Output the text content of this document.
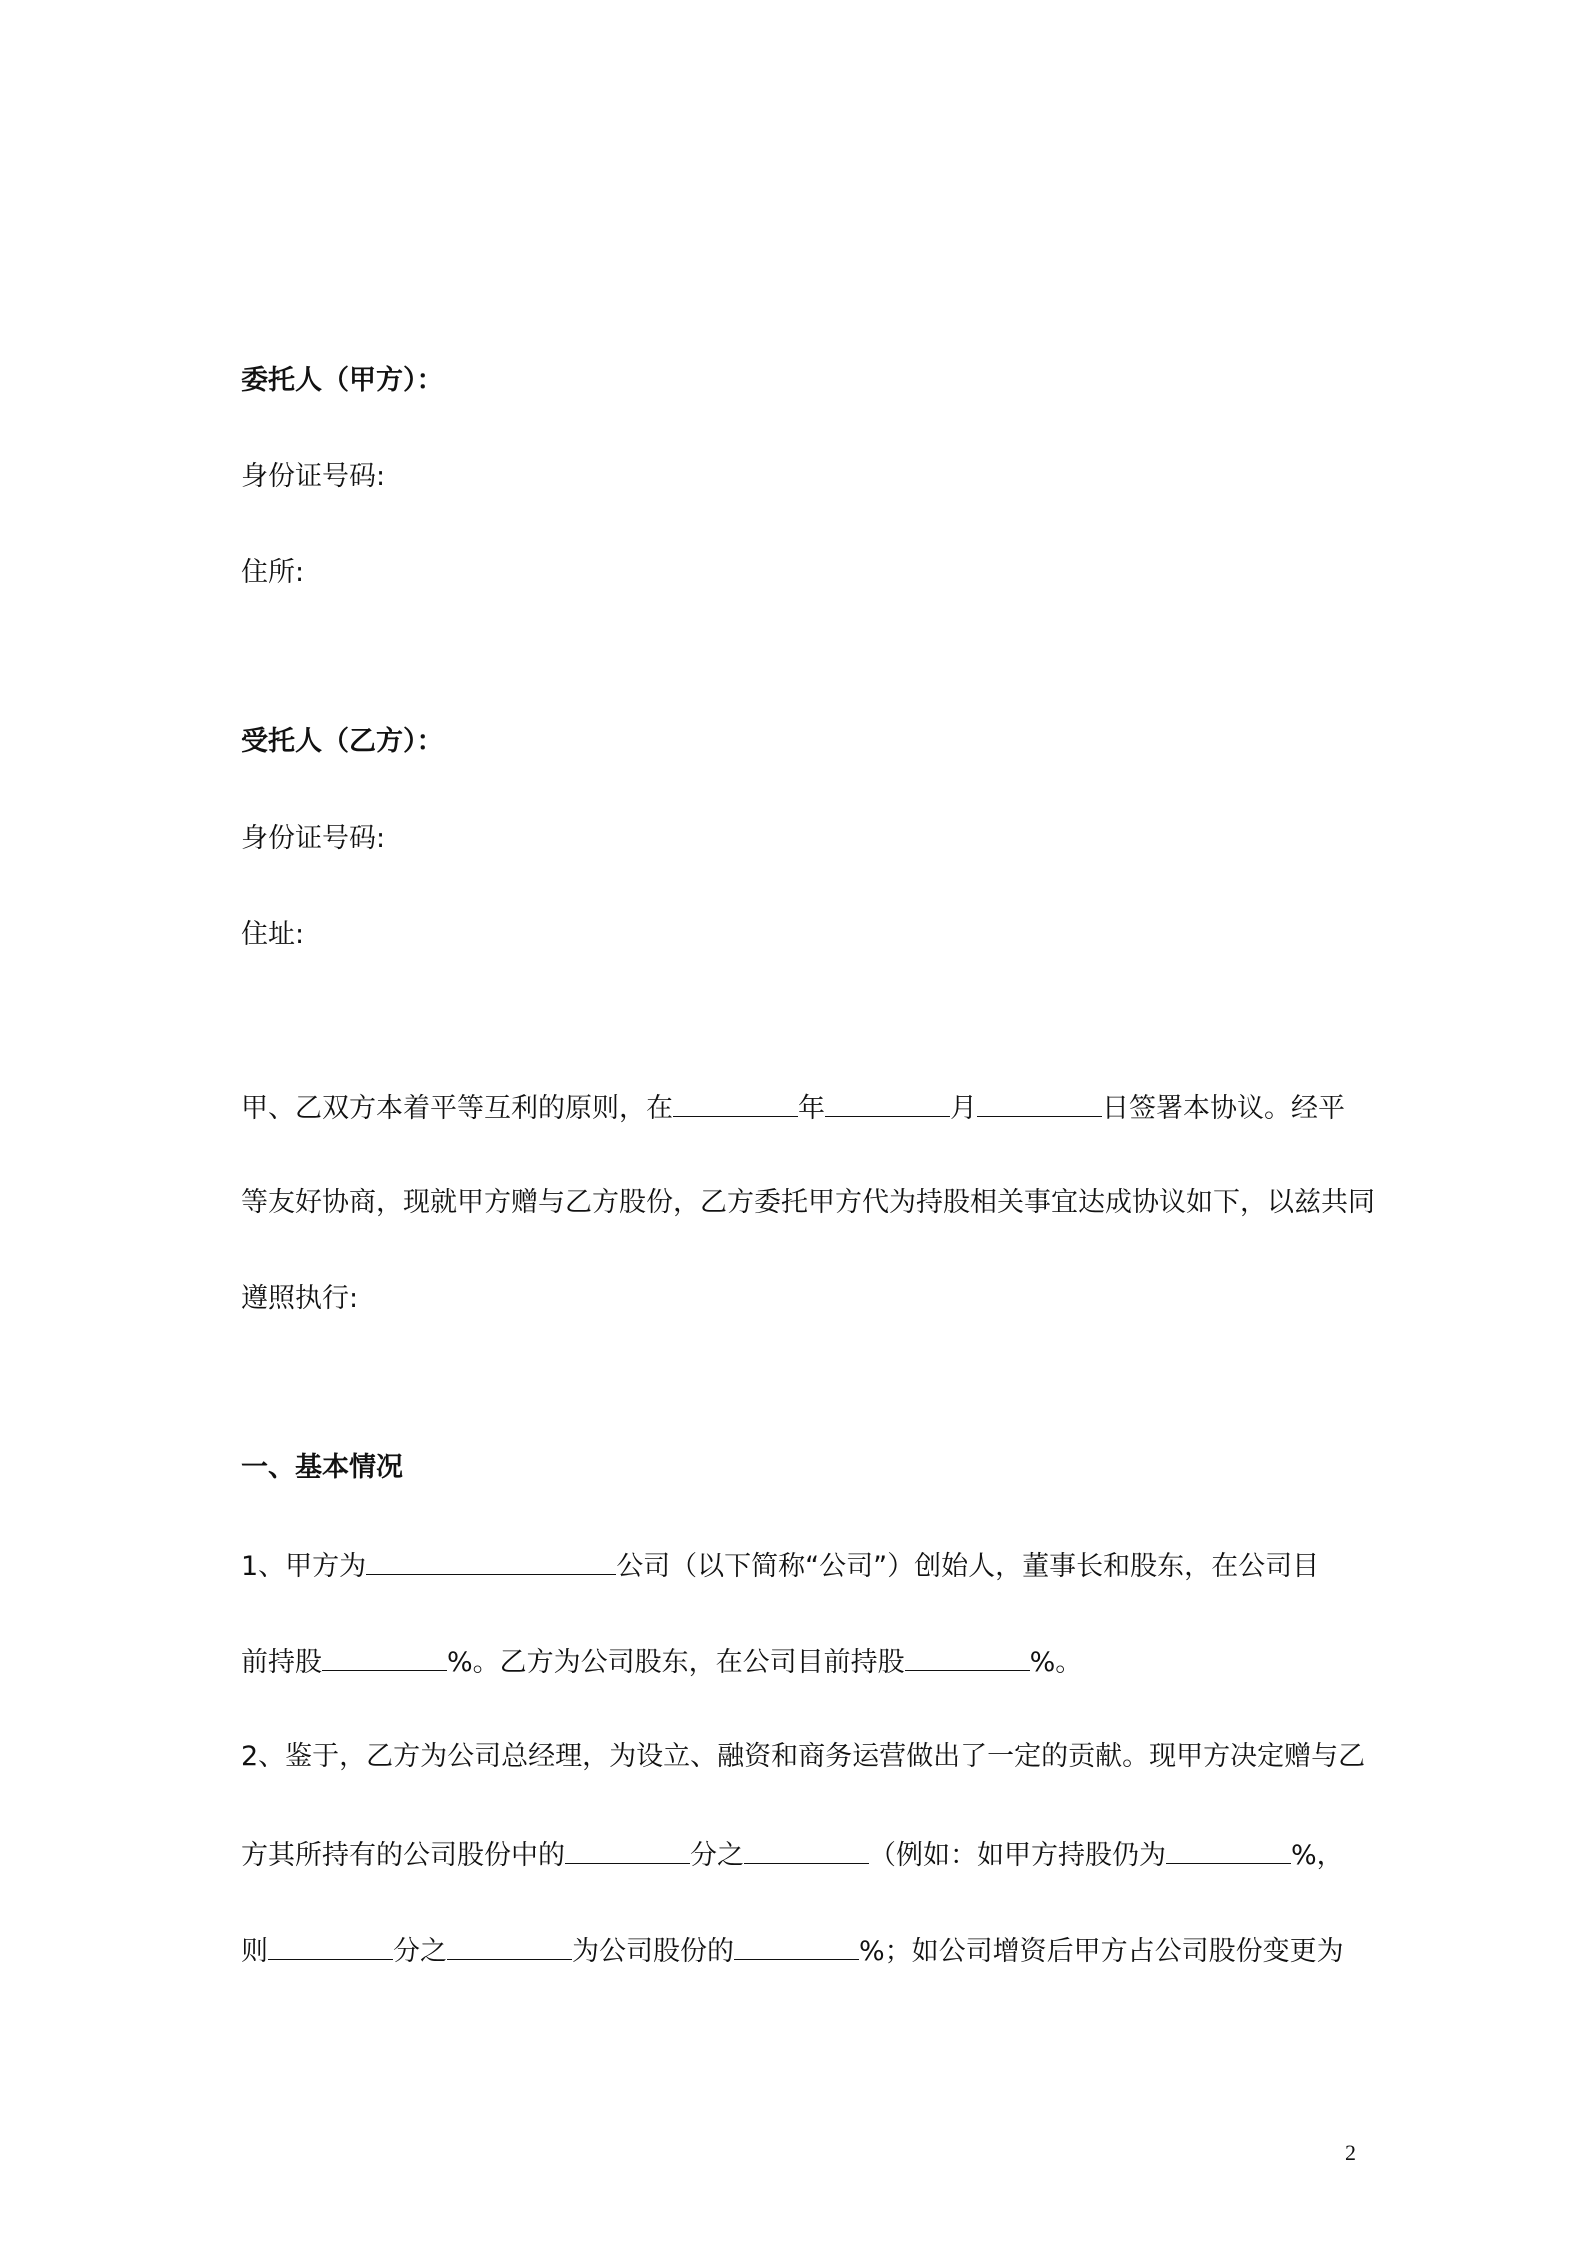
委托人（甲方）：
身份证号码:
住所:
受托人（乙方）：
身份证号码:
住址:
甲、乙双方本着平等互利的原则，在	年	月	日签署本协议。经平
等友好协商，现就甲方赠与乙方股份，乙方委托甲方代为持股相关事宜达成协议如下，以兹共同
遵照执行:
一、基本情况
1、甲方为	公司（以下简称“公司”）创始人，董事长和股东，在公司目
前持股	%。乙方为公司股东，在公司目前持股	%。
2、鉴于，乙方为公司总经理，为设立、融资和商务运营做出了一定的贡献。现甲方决定赠与乙
方其所持有的公司股份中的	分之	（例如：如甲方持股仍为	%，
则	分之	为公司股份的	%；如公司增资后甲方占公司股份变更为
2
